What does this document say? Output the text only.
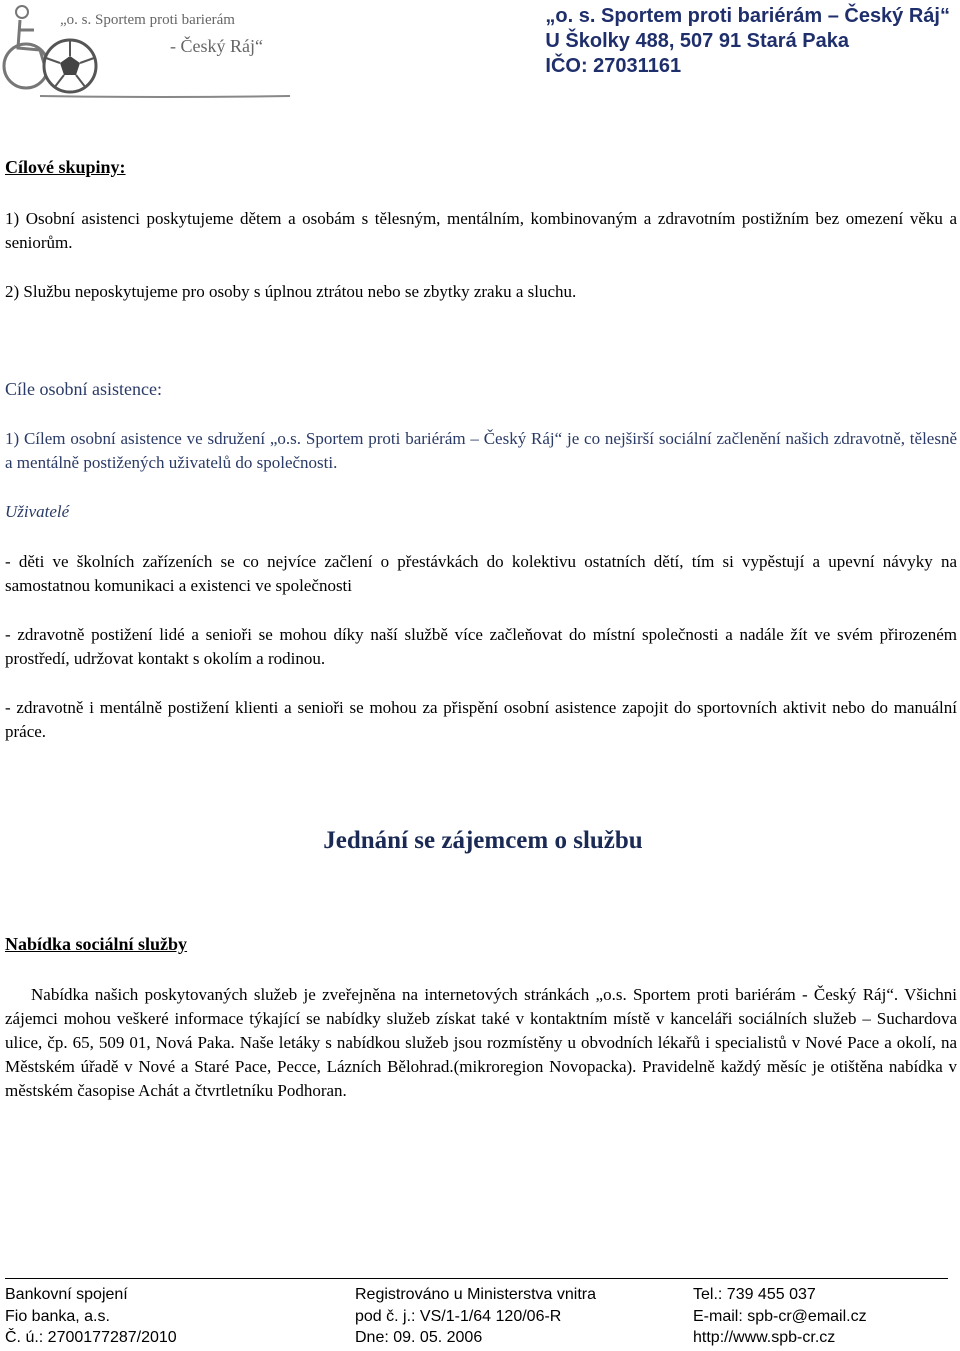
„o. s. Sportem proti barierám
- Český Ráj“
„o. s. Sportem proti bariérám – Český Ráj“
U Školky 488, 507 91 Stará Paka
IČO: 27031161
Cílové skupiny:
1) Osobní asistenci poskytujeme dětem a osobám s tělesným, mentálním, kombinovaným a zdravotním postižním bez omezení věku a seniorům.
2) Službu neposkytujeme pro osoby s úplnou ztrátou nebo se zbytky zraku a sluchu.
Cíle osobní asistence:
1) Cílem osobní asistence ve sdružení „o.s. Sportem proti bariérám – Český Ráj“ je co nejširší sociální začlenění našich zdravotně, tělesně a mentálně postižených uživatelů do společnosti.
Uživatelé
- děti ve školních zařízeních se co nejvíce začlení o přestávkách do kolektivu ostatních dětí, tím si vypěstují a upevní návyky na samostatnou komunikaci a existenci ve společnosti
- zdravotně postižení lidé a senioři se mohou díky naší službě více začleňovat do místní společnosti a nadále žít ve svém přirozeném prostředí, udržovat kontakt s okolím a rodinou.
- zdravotně i mentálně postižení klienti a senioři se mohou za přispění osobní asistence zapojit do sportovních aktivit nebo do manuální práce.
Jednání se zájemcem o službu
Nabídka sociální služby
Nabídka našich poskytovaných služeb je zveřejněna na internetových stránkách „o.s. Sportem proti bariérám - Český Ráj“. Všichni zájemci mohou veškeré informace týkající se nabídky služeb získat také v kontaktním místě v kanceláři sociálních služeb – Suchardova ulice, čp. 65, 509 01, Nová Paka. Naše letáky s nabídkou služeb jsou rozmístěny u obvodních lékařů i specialistů v Nové Pace a okolí, na Městském úřadě v Nové a Staré Pace, Pecce, Lázních Bělohrad.(mikroregion Novopacka). Pravidelně každý měsíc je otištěna nabídka v městském časopise Achát a čtvrtletníku Podhoran.
Bankovní spojení
Fio banka, a.s.
Č. ú.: 2700177287/2010
Registrováno u Ministerstva vnitra
pod č. j.: VS/1-1/64 120/06-R
Dne: 09. 05. 2006
Tel.: 739 455 037
E-mail: spb-cr@email.cz
http://www.spb-cr.cz
